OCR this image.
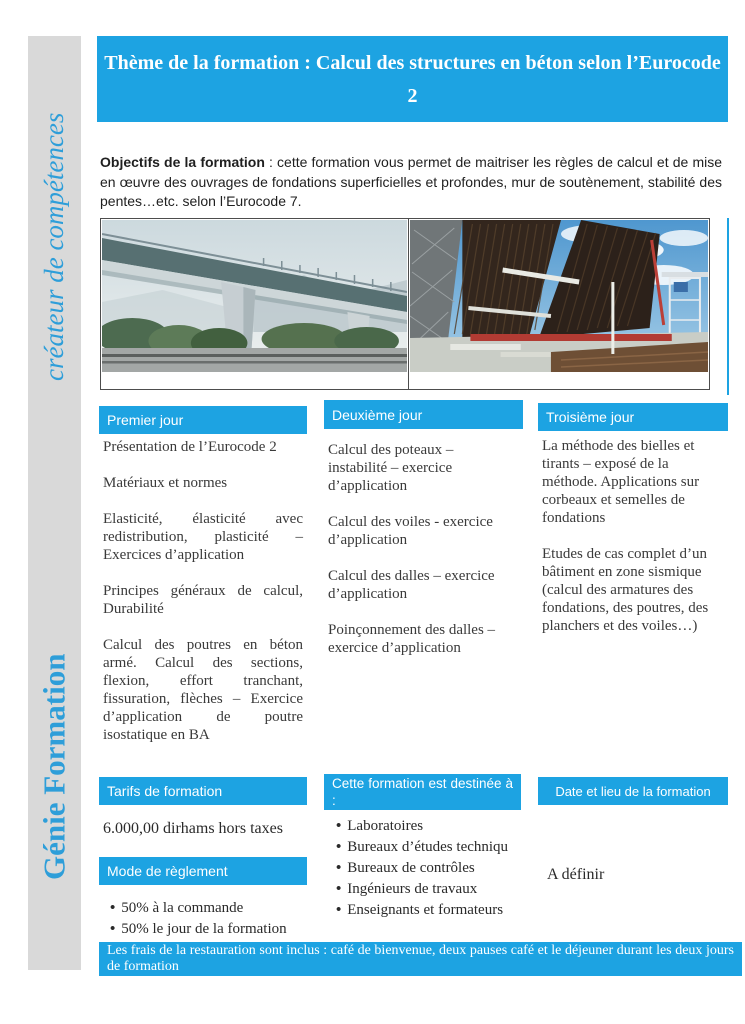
créateur de compétences
Génie Formation
Thème de la formation : Calcul des structures en béton selon l’Eurocode 2

Objectifs de la formation : cette formation vous permet de maitriser les règles de calcul et de mise en œuvre des ouvrages de fondations superficielles et profondes, mur de soutènement, stabilité des pentes…etc. selon l’Eurocode 7.

Premier jour	Deuxième jour	Troisième jour

Présentation de l’Eurocode 2

Matériaux et normes

Elasticité, élasticité avec redistribution, plasticité – Exercices d’application

Principes généraux de calcul, Durabilité

Calcul des poutres en béton armé. Calcul des sections, flexion, effort tranchant, fissuration, flèches – Exercice d’application de poutre isostatique en BA

Calcul des poteaux – instabilité – exercice d’application

Calcul des voiles - exercice d’application

Calcul des dalles – exercice d’application

Poinçonnement des dalles – exercice d’application

La méthode des bielles et tirants – exposé de la méthode. Applications sur corbeaux et semelles de fondations

Etudes de cas complet d’un bâtiment en zone sismique (calcul des armatures des fondations, des poutres, des planchers et des voiles…)

Tarifs de formation
6.000,00 dirhams hors taxes
Mode de règlement
• 50% à la commande
• 50% le jour de la formation
Cette formation est destinée à :
• Laboratoires
• Bureaux d’études techniqu
• Bureaux de contrôles
• Ingénieurs de travaux
• Enseignants et formateurs
Date et lieu de la formation
A définir
Les frais de la restauration sont inclus : café de bienvenue, deux pauses café et le déjeuner durant les deux jours de formation
